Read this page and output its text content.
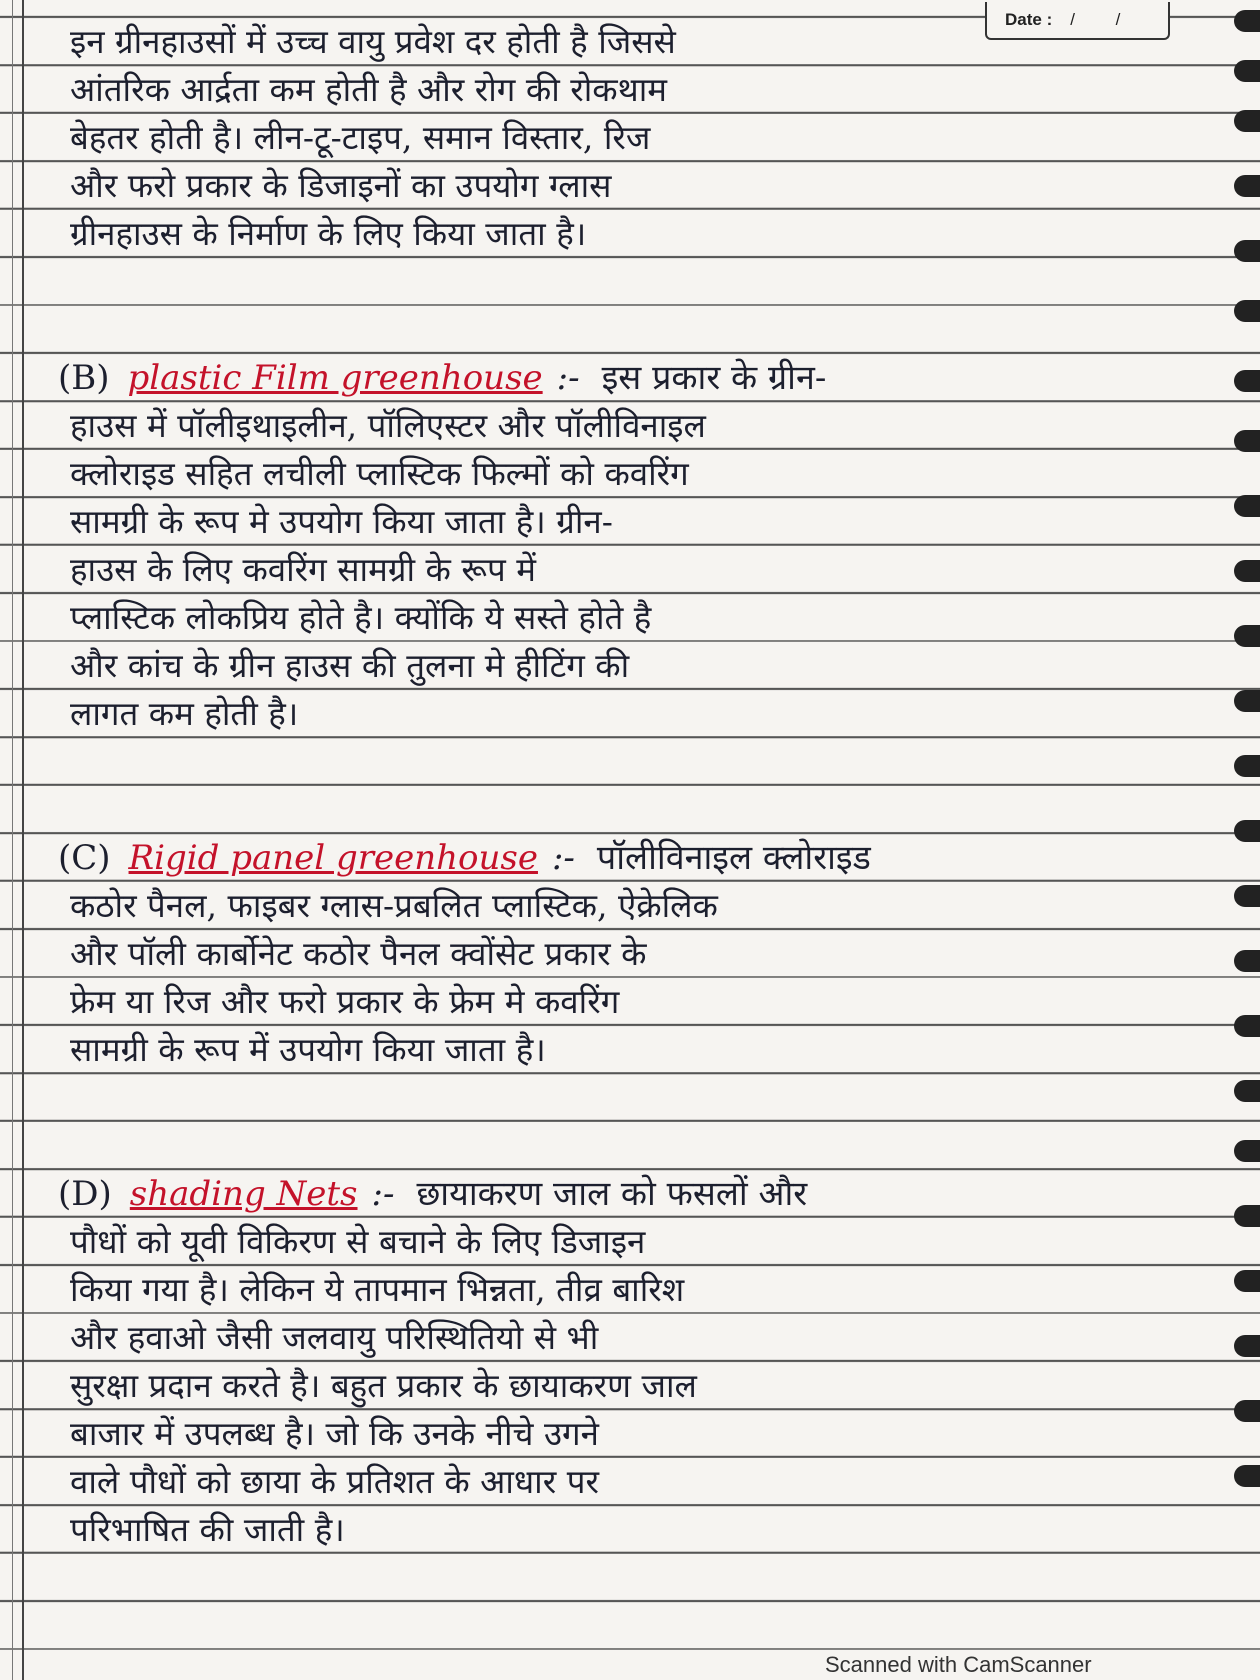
Date : / /

इन ग्रीनहाउसों में उच्च वायु प्रवेश दर होती है जिससे

आंतरिक आर्द्रता कम होती है और रोग की रोकथाम

बेहतर होती है। लीन-टू-टाइप, समान विस्तार, रिज

और फरो प्रकार के डिजाइनों का उपयोग ग्लास

ग्रीनहाउस के निर्माण के लिए किया जाता है।

(B) plastic Film greenhouse :- इस प्रकार के ग्रीन-

हाउस में पॉलीइथाइलीन, पॉलिएस्टर और पॉलीविनाइल

क्लोराइड सहित लचीली प्लास्टिक फिल्मों को कवरिंग

सामग्री के रूप मे उपयोग किया जाता है। ग्रीन-

हाउस के लिए कवरिंग सामग्री के रूप में

प्लास्टिक लोकप्रिय होते है। क्योंकि ये सस्ते होते है

और कांच के ग्रीन हाउस की तुलना मे हीटिंग की

लागत कम होती है।

(C) Rigid panel greenhouse :- पॉलीविनाइल क्लोराइड

कठोर पैनल, फाइबर ग्लास-प्रबलित प्लास्टिक, ऐक्रेलिक

और पॉली कार्बोनेट कठोर पैनल क्वोंसेट प्रकार के

फ्रेम या रिज और फरो प्रकार के फ्रेम मे कवरिंग

सामग्री के रूप में उपयोग किया जाता है।

(D) shading Nets :- छायाकरण जाल को फसलों और

पौधों को यूवी विकिरण से बचाने के लिए डिजाइन

किया गया है। लेकिन ये तापमान भिन्नता, तीव्र बारिश

और हवाओ जैसी जलवायु परिस्थितियो से भी

सुरक्षा प्रदान करते है। बहुत प्रकार के छायाकरण जाल

बाजार में उपलब्ध है। जो कि उनके नीचे उगने

वाले पौधों को छाया के प्रतिशत के आधार पर

परिभाषित की जाती है।

Scanned with CamScanner
